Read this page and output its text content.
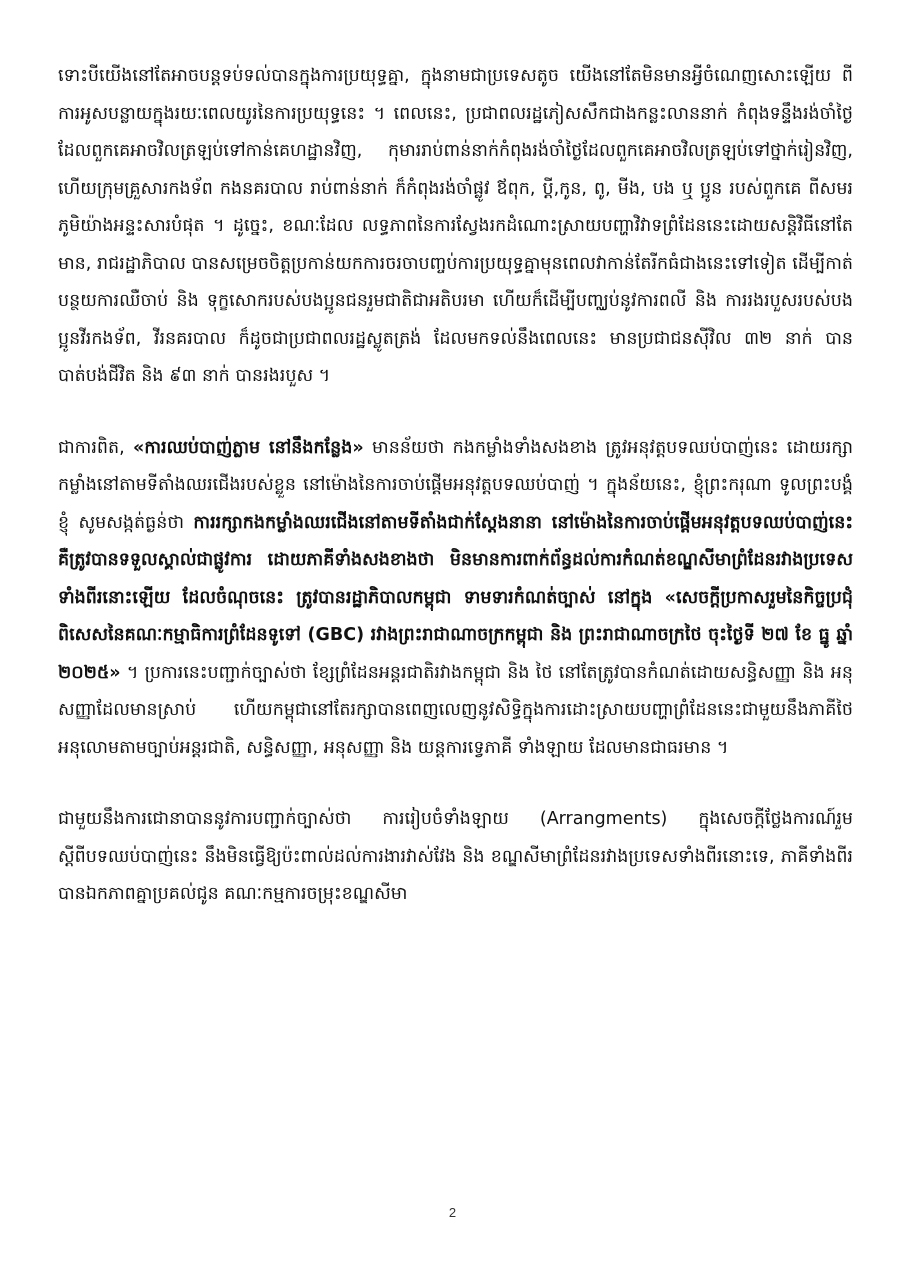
ទោះបីយើងនៅតែអាចបន្តទប់ទល់បានក្នុងការប្រយុទ្ធគ្នា, ក្នុងនាមជាប្រទេសតូច យើងនៅតែមិនមានអ្វីចំណេញសោះឡើយ ពីការអូសបន្លាយក្នុងរយៈពេលយូរនៃការប្រយុទ្ធនេះ ។ ពេលនេះ, ប្រជាពលរដ្ឋភៀសសឹកជាងកន្លះលាននាក់ កំពុងទន្ទឹងរង់ចាំថ្ងៃដែលពួកគេអាចវិលត្រឡប់ទៅកាន់គេហដ្ឋានវិញ, កុមាររាប់ពាន់នាក់កំពុងរង់ចាំថ្ងៃដែលពួកគេអាចវិលត្រឡប់ទៅថ្នាក់រៀនវិញ, ហើយក្រុមគ្រួសារកងទ័ព កងនគរបាល រាប់ពាន់នាក់ ក៏កំពុងរង់ចាំផ្លូវ ឪពុក, ប្ដី,កូន, ពូ, មីង, បង ឬ ប្អូន របស់ពួកគេ ពីសមរភូមិយ៉ាងអន្ទះសារបំផុត ។ ដូច្នេះ, ខណៈដែល លទ្ធភាពនៃការស្វែងរកដំណោះស្រាយបញ្ហាវិវាទព្រំដែននេះដោយសន្តិវិធីនៅតែមាន, រាជរដ្ឋាភិបាល បានសម្រេចចិត្តប្រកាន់យកការចរចាបញ្ចប់ការប្រយុទ្ធគ្នាមុនពេលវាកាន់តែរីកធំជាងនេះទៅទៀត ដើម្បីកាត់បន្ថយការឈឺចាប់ និង ទុក្ខសោករបស់បងប្អូនជនរួមជាតិជាអតិបរមា ហើយក៏ដើម្បីបញ្ឈប់នូវការពលី និង ការរងរបួសរបស់បងប្អូនវីរកងទ័ព, វីរនគរបាល ក៏ដូចជាប្រជាពលរដ្ឋស្លូតត្រង់ ដែលមកទល់នឹងពេលនេះ មានប្រជាជនស៊ីវិល ៣២ នាក់ បានបាត់បង់ជីវិត និង ៩៣ នាក់ បានរងរបួស ។

ជាការពិត, «ការឈប់បាញ់ភ្លាម នៅនឹងកន្លែង» មានន័យថា កងកម្លាំងទាំងសងខាង ត្រូវអនុវត្តបទឈប់បាញ់នេះ ដោយរក្សាកម្លាំងនៅតាមទីតាំងឈរជើងរបស់ខ្លួន នៅម៉ោងនៃការចាប់ផ្ដើមអនុវត្តបទឈប់បាញ់ ។ ក្នុងន័យនេះ, ខ្ញុំព្រះករុណា ទូលព្រះបង្គំ ខ្ញុំ សូមសង្កត់ធ្ងន់ថា ការរក្សាកងកម្លាំងឈរជើងនៅតាមទីតាំងជាក់ស្ដែងនានា នៅម៉ោងនៃការចាប់ផ្ដើមអនុវត្តបទឈប់បាញ់នេះ គឺត្រូវបានទទួលស្គាល់ជាផ្លូវការ ដោយភាគីទាំងសងខាងថា មិនមានការពាក់ព័ន្ធដល់ការកំណត់ខណ្ឌសីមាព្រំដែនរវាងប្រទេសទាំងពីរនោះឡើយ ដែលចំណុចនេះ ត្រូវបានរដ្ឋាភិបាលកម្ពុជា ទាមទារកំណត់ច្បាស់ នៅក្នុង «សេចក្ដីប្រកាសរួមនៃកិច្ចប្រជុំពិសេសនៃគណៈកម្មាធិការព្រំដែនទូទៅ (GBC) រវាងព្រះរាជាណាចក្រកម្ពុជា និង ព្រះរាជាណាចក្រថៃ ចុះថ្ងៃទី ២៧ ខែ ធ្នូ ឆ្នាំ ២០២៥» ។ ប្រការនេះបញ្ជាក់ច្បាស់ថា ខ្សែព្រំដែនអន្តរជាតិរវាងកម្ពុជា និង ថៃ នៅតែត្រូវបានកំណត់ដោយសន្ធិសញ្ញា និង អនុសញ្ញាដែលមានស្រាប់ ហើយកម្ពុជានៅតែរក្សាបានពេញលេញនូវសិទ្ធិក្នុងការដោះស្រាយបញ្ហាព្រំដែននេះជាមួយនឹងភាគីថៃ អនុលោមតាមច្បាប់អន្តរជាតិ, សន្ធិសញ្ញា, អនុសញ្ញា និង យន្តការទ្វេភាគី ទាំងឡាយ ដែលមានជាធរមាន ។

ជាមួយនឹងការជោនាបាននូវការបញ្ជាក់ច្បាស់ថា ការរៀបចំទាំងឡាយ (Arrangments) ក្នុងសេចក្ដីថ្លែងការណ៍រួមស្ដីពីបទឈប់បាញ់នេះ នឹងមិនធ្វើឱ្យប៉ះពាល់ដល់ការងារវាស់វែង និង ខណ្ឌសីមាព្រំដែនរវាងប្រទេសទាំងពីរនោះទេ, ភាគីទាំងពីរបានឯកភាពគ្នាប្រគល់ជូន គណៈកម្មការចម្រុះខណ្ឌសីមា

2
